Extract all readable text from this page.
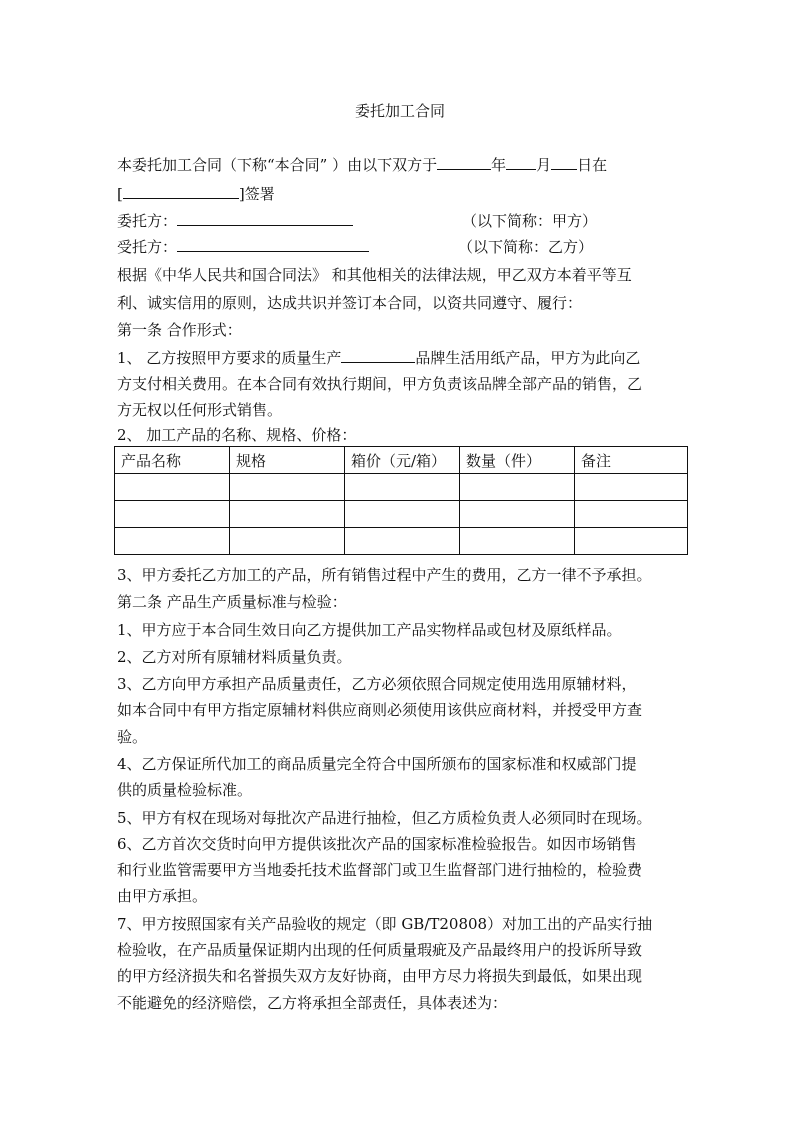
委托加工合同
本委托加工合同（下称“本合同” ）由以下双方于	年 月 日在
[	]签署
委托方：	（以下简称：甲方）
受托方：	（以下简称：乙方）
根据《中华人民共和国合同法》 和其他相关的法律法规，甲乙双方本着平等互
利、诚实信用的原则，达成共识并签订本合同，以资共同遵守、履行：
第一条 合作形式：
1、 乙方按照甲方要求的质量生产	品牌生活用纸产品，甲方为此向乙
方支付相关费用。在本合同有效执行期间，甲方负责该品牌全部产品的销售，乙
方无权以任何形式销售。
2、 加工产品的名称、规格、价格：
产品名称	规格	箱价（元/箱）	数量（件）	备注

3、甲方委托乙方加工的产品，所有销售过程中产生的费用，乙方一律不予承担。
第二条 产品生产质量标准与检验：
1、甲方应于本合同生效日向乙方提供加工产品实物样品或包材及原纸样品。
2、乙方对所有原辅材料质量负责。
3、乙方向甲方承担产品质量责任，乙方必须依照合同规定使用选用原辅材料，
如本合同中有甲方指定原辅材料供应商则必须使用该供应商材料，并授受甲方查
验。
4、乙方保证所代加工的商品质量完全符合中国所颁布的国家标准和权威部门提
供的质量检验标准。
5、甲方有权在现场对每批次产品进行抽检，但乙方质检负责人必须同时在现场。
6、乙方首次交货时向甲方提供该批次产品的国家标准检验报告。如因市场销售
和行业监管需要甲方当地委托技术监督部门或卫生监督部门进行抽检的，检验费
由甲方承担。
7、甲方按照国家有关产品验收的规定（即 GB/T20808）对加工出的产品实行抽
检验收，在产品质量保证期内出现的任何质量瑕疵及产品最终用户的投诉所导致
的甲方经济损失和名誉损失双方友好协商，由甲方尽力将损失到最低，如果出现
不能避免的经济赔偿，乙方将承担全部责任，具体表述为：
